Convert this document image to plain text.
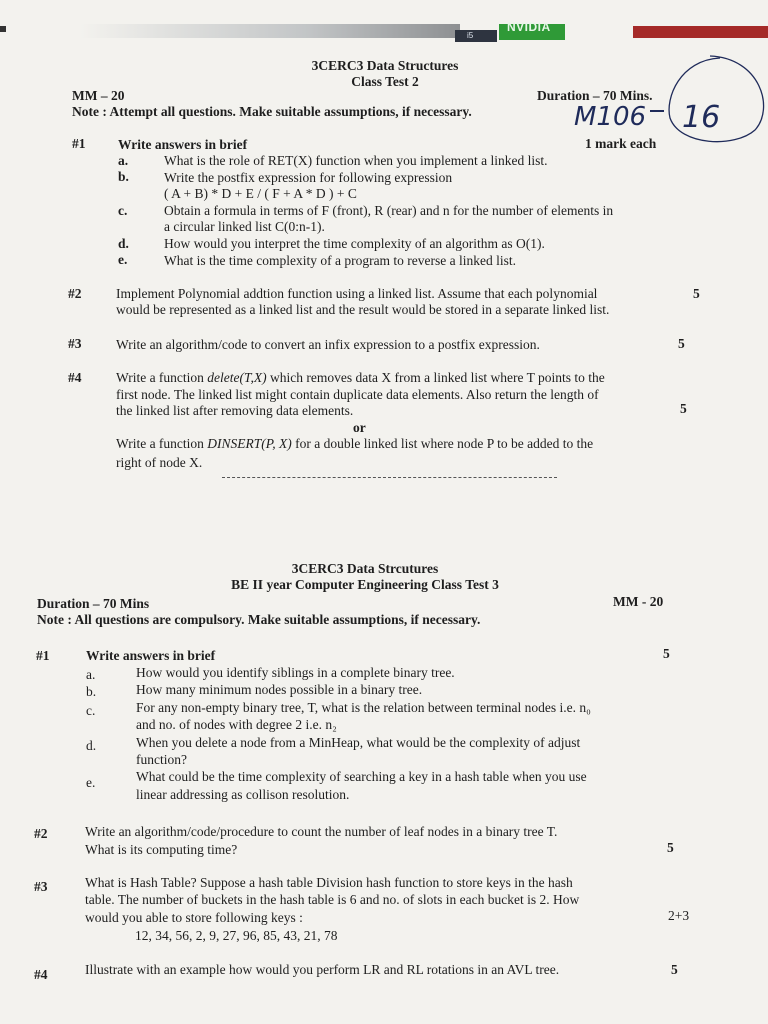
i5
NVIDIA
3CERC3 Data Structures
Class Test 2
MM – 20	Duration – 70 Mins.
Note : Attempt all questions. Make suitable assumptions, if necessary.	M106 16
#1 Write answers in brief	1 mark each
a.	What is the role of RET(X) function when you implement a linked list.
b.	Write the postfix expression for following expression
( A + B) * D + E / ( F + A * D ) + C
c.	Obtain a formula in terms of F (front), R (rear) and n for the number of elements in
a circular linked list C(0:n-1).
d.	How would you interpret the time complexity of an algorithm as O(1).
e.	What is the time complexity of a program to reverse a linked list.
#2	Implement Polynomial addtion function using a linked list. Assume that each polynomial	5
would be represented as a linked list and the result would be stored in a separate linked list.
#3	Write an algorithm/code to convert an infix expression to a postfix expression.	5
#4	Write a function delete(T,X) which removes data X from a linked list where T points to the
first node. The linked list might contain duplicate data elements. Also return the length of
the linked list after removing data elements.	5
or
Write a function DINSERT(P, X) for a double linked list where node P to be added to the
right of node X.
3CERC3 Data Strcutures
BE II year Computer Engineering Class Test 3
Duration – 70 Mins	MM - 20
Note : All questions are compulsory. Make suitable assumptions, if necessary.
#1	Write answers in brief	5
a.	How would you identify siblings in a complete binary tree.
b.	How many minimum nodes possible in a binary tree.
c.	For any non-empty binary tree, T, what is the relation between terminal nodes i.e. n₀
and no. of nodes with degree 2 i.e. n₂
d.	When you delete a node from a MinHeap, what would be the complexity of adjust
function?
e.	What could be the time complexity of searching a key in a hash table when you use
linear addressing as collison resolution.
#2	Write an algorithm/code/procedure to count the number of leaf nodes in a binary tree T.
What is its computing time?	5
#3	What is Hash Table? Suppose a hash table Division hash function to store keys in the hash
table. The number of buckets in the hash table is 6 and no. of slots in each bucket is 2. How
would you able to store following keys :	2+3
12, 34, 56, 2, 9, 27, 96, 85, 43, 21, 78
#4	Illustrate with an example how would you perform LR and RL rotations in an AVL tree.	5
